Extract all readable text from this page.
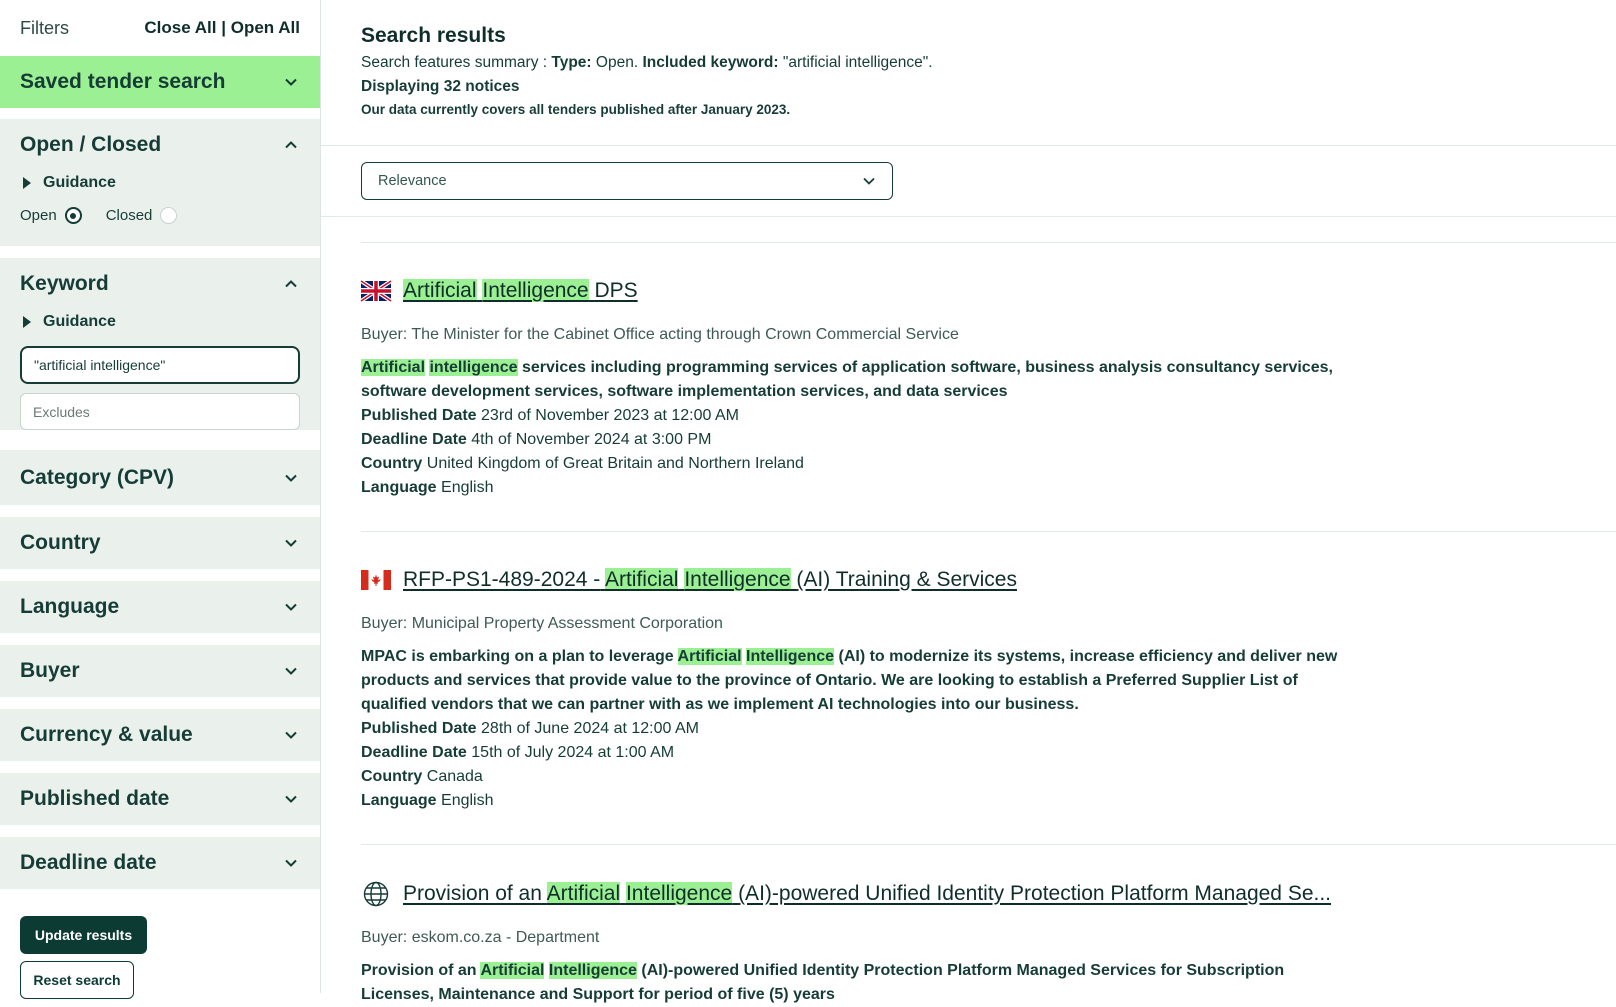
Filters	Close All | Open All
Saved tender search
Open / Closed
Guidance
Open	Closed
Keyword
Guidance
"artificial intelligence"
Excludes
Category (CPV)
Country
Language
Buyer
Currency & value
Published date
Deadline date
Update results
Reset search
Search results
Search features summary : Type: Open. Included keyword: "artificial intelligence".
Displaying 32 notices
Our data currently covers all tenders published after January 2023.
Relevance
Artificial Intelligence DPS
Buyer: The Minister for the Cabinet Office acting through Crown Commercial Service
Artificial intelligence services including programming services of application software, business analysis consultancy services, software development services, software implementation services, and data services
Published Date 23rd of November 2023 at 12:00 AM
Deadline Date 4th of November 2024 at 3:00 PM
Country United Kingdom of Great Britain and Northern Ireland
Language English
RFP-PS1-489-2024 - Artificial Intelligence (AI) Training & Services
Buyer: Municipal Property Assessment Corporation
MPAC is embarking on a plan to leverage Artificial Intelligence (AI) to modernize its systems, increase efficiency and deliver new products and services that provide value to the province of Ontario. We are looking to establish a Preferred Supplier List of qualified vendors that we can partner with as we implement AI technologies into our business.
Published Date 28th of June 2024 at 12:00 AM
Deadline Date 15th of July 2024 at 1:00 AM
Country Canada
Language English
Provision of an Artificial Intelligence (AI)-powered Unified Identity Protection Platform Managed Se...
Buyer: eskom.co.za - Department
Provision of an Artificial Intelligence (AI)-powered Unified Identity Protection Platform Managed Services for Subscription Licenses, Maintenance and Support for period of five (5) years
